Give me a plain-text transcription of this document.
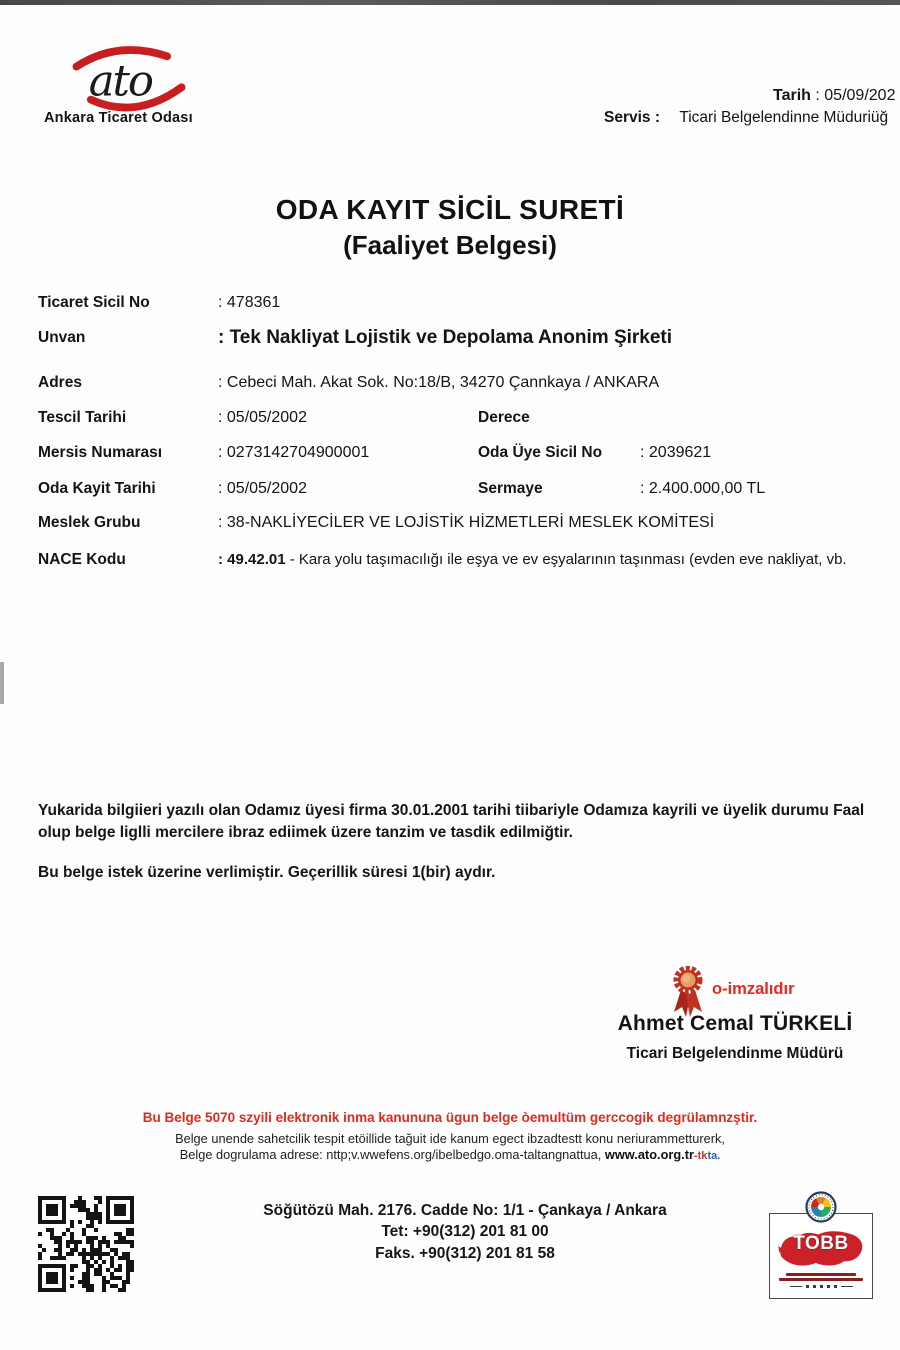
ato
Ankara Ticaret Odası
Tarih : 05/09/202
Servis : Ticari Belgelendinne Müduriüğ
ODA KAYIT SİCİL SURETİ
(Faaliyet Belgesi)
Ticaret Sicil No	: 478361
Unvan	: Tek Nakliyat Lojistik ve Depolama Anonim Şirketi
Adres	: Cebeci Mah. Akat Sok. No:18/B, 34270 Çannkaya / ANKARA
Tescil Tarihi	: 05/05/2002	Derece
Mersis Numarası	: 0273142704900001	Oda Üye Sicil No : 2039621
Oda Kayit Tarihi	: 05/05/2002	Sermaye	: 2.400.000,00 TL
Meslek Grubu	: 38-NAKLİYECİLER VE LOJİSTİK HİZMETLERİ MESLEK KOMİTESİ
NACE Kodu	: 49.42.01 - Kara yolu taşımacılığı ile eşya ve ev eşyalarının taşınması (evden eve nakliyat, vb.
Yukarida bilgiieri yazılı olan Odamız üyesi firma 30.01.2001 tarihi tiibariyle Odamıza kayrili ve üyelik durumu Faal olup belge liglli mercilere ibraz ediimek üzere tanzim ve tasdik edilmiğtir.
Bu belge istek üzerine verlimiştir. Geçerillik süresi 1(bir) aydır.
o-imzalıdır
Ahmet Cemal TÜRKELİ
Ticari Belgelendinme Müdürü
Bu Belge 5070 szyili elektronik inma kanununa ügun belge òemultüm gerccogik degrülamnzştir.
Belge unende sahetcilik tespit etöillide tağuit ide kanum egect ibzadtestt konu neriurammetturerk,
Belge dogrulama adrese: nttp;v.wwefens.org/ibelbedgo.oma-taltangnattua, www.ato.org.tr-tkta.
Söğütözü Mah. 2176. Cadde No: 1/1 - Çankaya / Ankara
Tet: +90(312) 201 81 00
Faks. +90(312) 201 81 58	TOBB
